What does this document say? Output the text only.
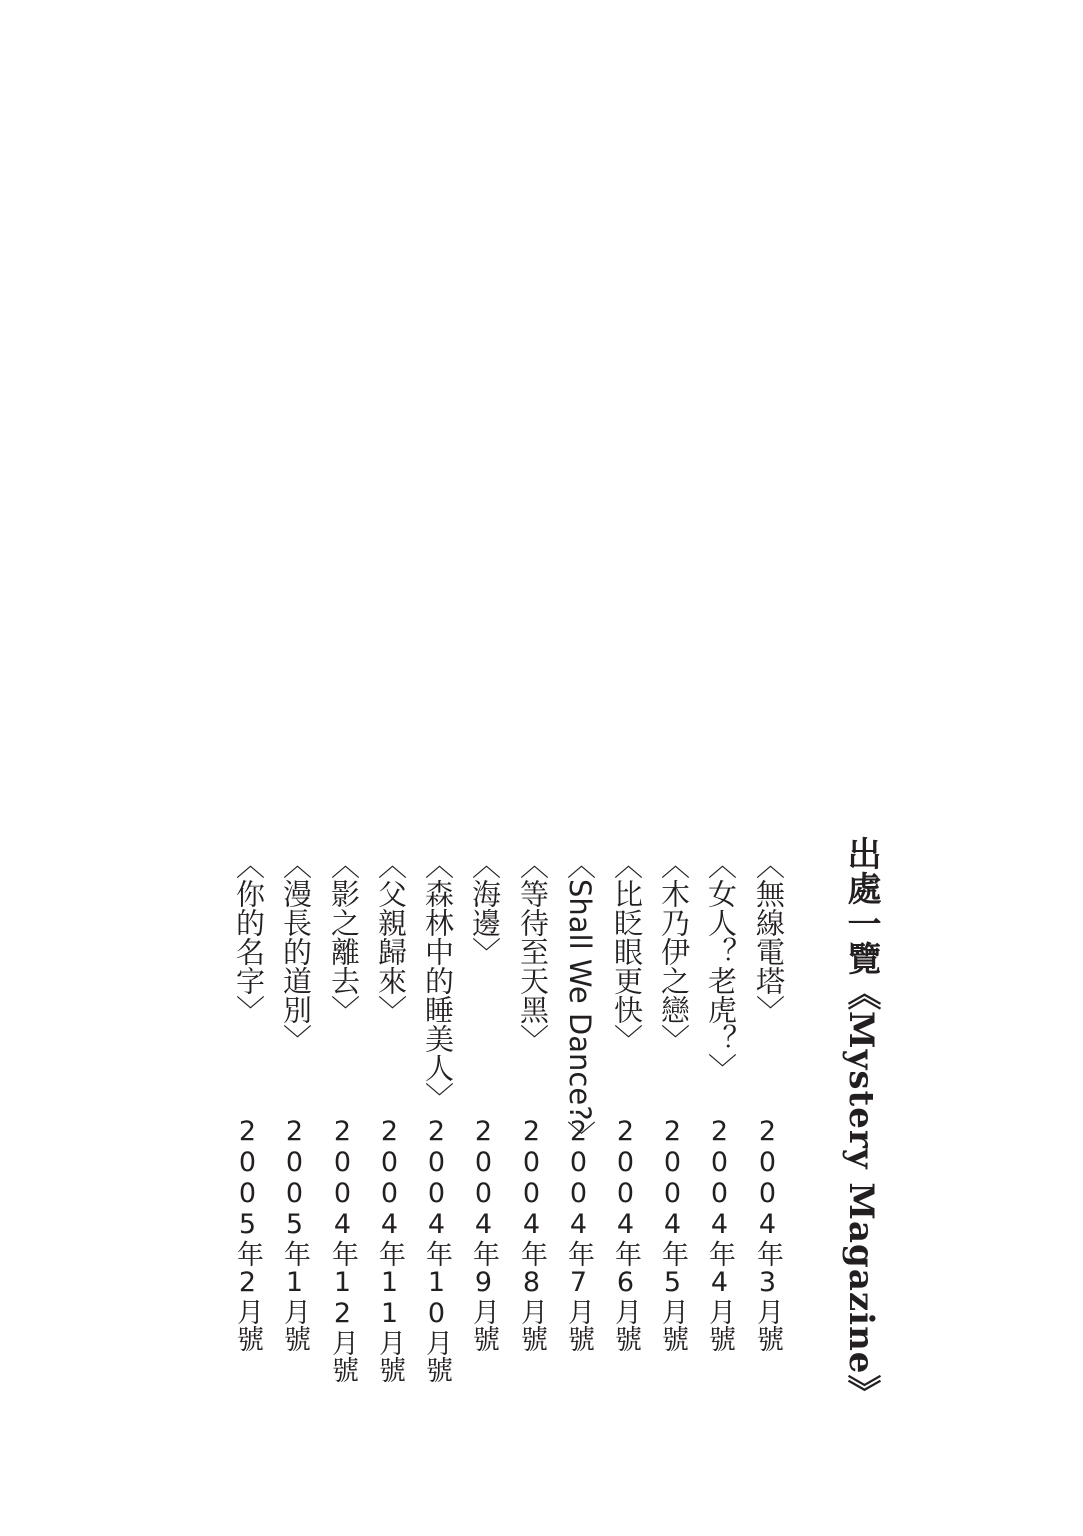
出處一覽《Mystery Magazine》
〈無線電塔〉
2004年3月號
〈女人？老虎？〉
2004年4月號
〈木乃伊之戀〉
2004年5月號
〈比眨眼更快〉
2004年6月號
〈Shall We Dance?〉
2004年7月號
〈等待至天黑〉
2004年8月號
〈海邊〉
2004年9月號
〈森林中的睡美人〉
2004年10月號
〈父親歸來〉
2004年11月號
〈影之離去〉
2004年12月號
〈漫長的道別〉
2005年1月號
〈你的名字〉
2005年2月號
